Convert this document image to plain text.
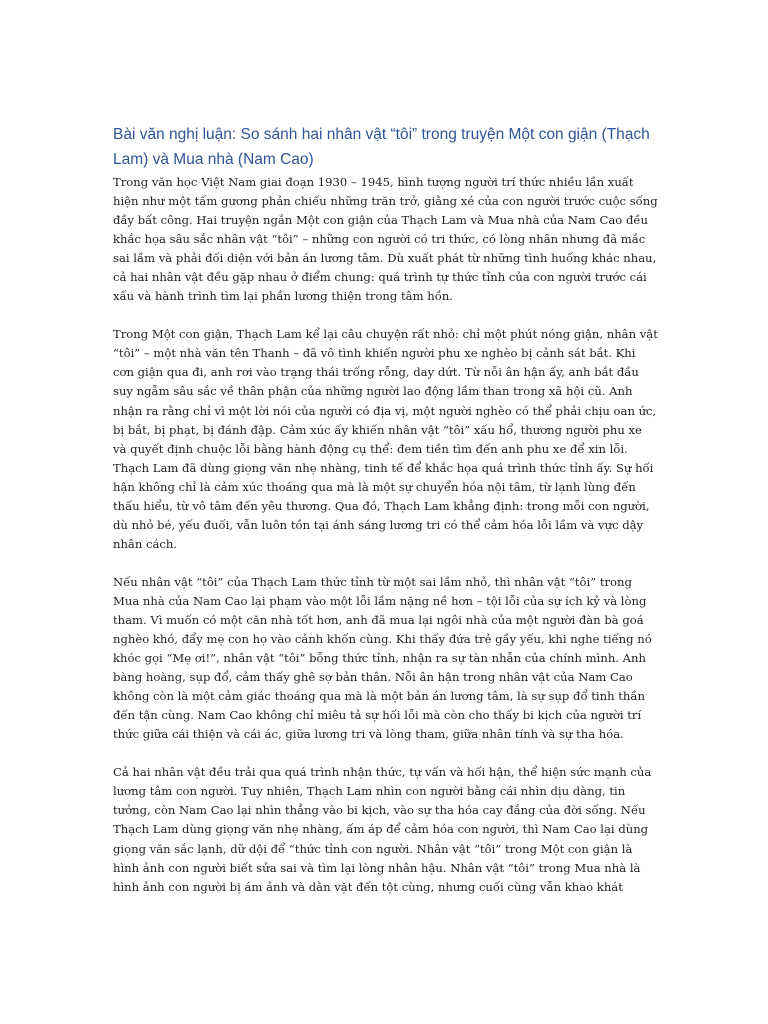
Bài văn nghị luận: So sánh hai nhân vật “tôi” trong truyện Một con giận (Thạch Lam) và Mua nhà (Nam Cao)

Trong văn học Việt Nam giai đoạn 1930 – 1945, hình tượng người trí thức nhiều lần xuất hiện như một tấm gương phản chiếu những trăn trở, giằng xé của con người trước cuộc sống đầy bất công. Hai truyện ngắn Một con giận của Thạch Lam và Mua nhà của Nam Cao đều khắc họa sâu sắc nhân vật “tôi” – những con người có tri thức, có lòng nhân nhưng đã mắc sai lầm và phải đối diện với bản án lương tâm. Dù xuất phát từ những tình huống khác nhau, cả hai nhân vật đều gặp nhau ở điểm chung: quá trình tự thức tỉnh của con người trước cái xấu và hành trình tìm lại phần lương thiện trong tâm hồn.

Trong Một con giận, Thạch Lam kể lại câu chuyện rất nhỏ: chỉ một phút nóng giận, nhân vật “tôi” – một nhà văn tên Thanh – đã vô tình khiến người phu xe nghèo bị cảnh sát bắt. Khi cơn giận qua đi, anh rơi vào trạng thái trống rỗng, day dứt. Từ nỗi ân hận ấy, anh bắt đầu suy ngẫm sâu sắc về thân phận của những người lao động lầm than trong xã hội cũ. Anh nhận ra rằng chỉ vì một lời nói của người có địa vị, một người nghèo có thể phải chịu oan ức, bị bắt, bị phạt, bị đánh đập. Cảm xúc ấy khiến nhân vật “tôi” xấu hổ, thương người phu xe và quyết định chuộc lỗi bằng hành động cụ thể: đem tiền tìm đến anh phu xe để xin lỗi. Thạch Lam đã dùng giọng văn nhẹ nhàng, tinh tế để khắc họa quá trình thức tỉnh ấy. Sự hối hận không chỉ là cảm xúc thoáng qua mà là một sự chuyển hóa nội tâm, từ lạnh lùng đến thấu hiểu, từ vô tâm đến yêu thương. Qua đó, Thạch Lam khẳng định: trong mỗi con người, dù nhỏ bé, yếu đuối, vẫn luôn tồn tại ánh sáng lương tri có thể cảm hóa lỗi lầm và vực dậy nhân cách.

Nếu nhân vật “tôi” của Thạch Lam thức tỉnh từ một sai lầm nhỏ, thì nhân vật “tôi” trong Mua nhà của Nam Cao lại phạm vào một lỗi lầm nặng nề hơn – tội lỗi của sự ích kỷ và lòng tham. Vì muốn có một căn nhà tốt hơn, anh đã mua lại ngôi nhà của một người đàn bà goá nghèo khó, đẩy mẹ con họ vào cảnh khốn cùng. Khi thấy đứa trẻ gầy yếu, khi nghe tiếng nó khóc gọi “Mẹ ơi!”, nhân vật “tôi” bỗng thức tỉnh, nhận ra sự tàn nhẫn của chính mình. Anh bàng hoàng, sụp đổ, cảm thấy ghê sợ bản thân. Nỗi ân hận trong nhân vật của Nam Cao không còn là một cảm giác thoáng qua mà là một bản án lương tâm, là sự sụp đổ tinh thần đến tận cùng. Nam Cao không chỉ miêu tả sự hối lỗi mà còn cho thấy bi kịch của người trí thức giữa cái thiện và cái ác, giữa lương tri và lòng tham, giữa nhân tính và sự tha hóa.

Cả hai nhân vật đều trải qua quá trình nhận thức, tự vấn và hối hận, thể hiện sức mạnh của lương tâm con người. Tuy nhiên, Thạch Lam nhìn con người bằng cái nhìn dịu dàng, tin tưởng, còn Nam Cao lại nhìn thẳng vào bi kịch, vào sự tha hóa cay đắng của đời sống. Nếu Thạch Lam dùng giọng văn nhẹ nhàng, ấm áp để cảm hóa con người, thì Nam Cao lại dùng giọng văn sắc lạnh, dữ dội để “thức tỉnh con người. Nhân vật “tôi” trong Một con giận là hình ảnh con người biết sửa sai và tìm lại lòng nhân hậu. Nhân vật “tôi” trong Mua nhà là hình ảnh con người bị ám ảnh và dằn vặt đến tột cùng, nhưng cuối cùng vẫn khao khát
